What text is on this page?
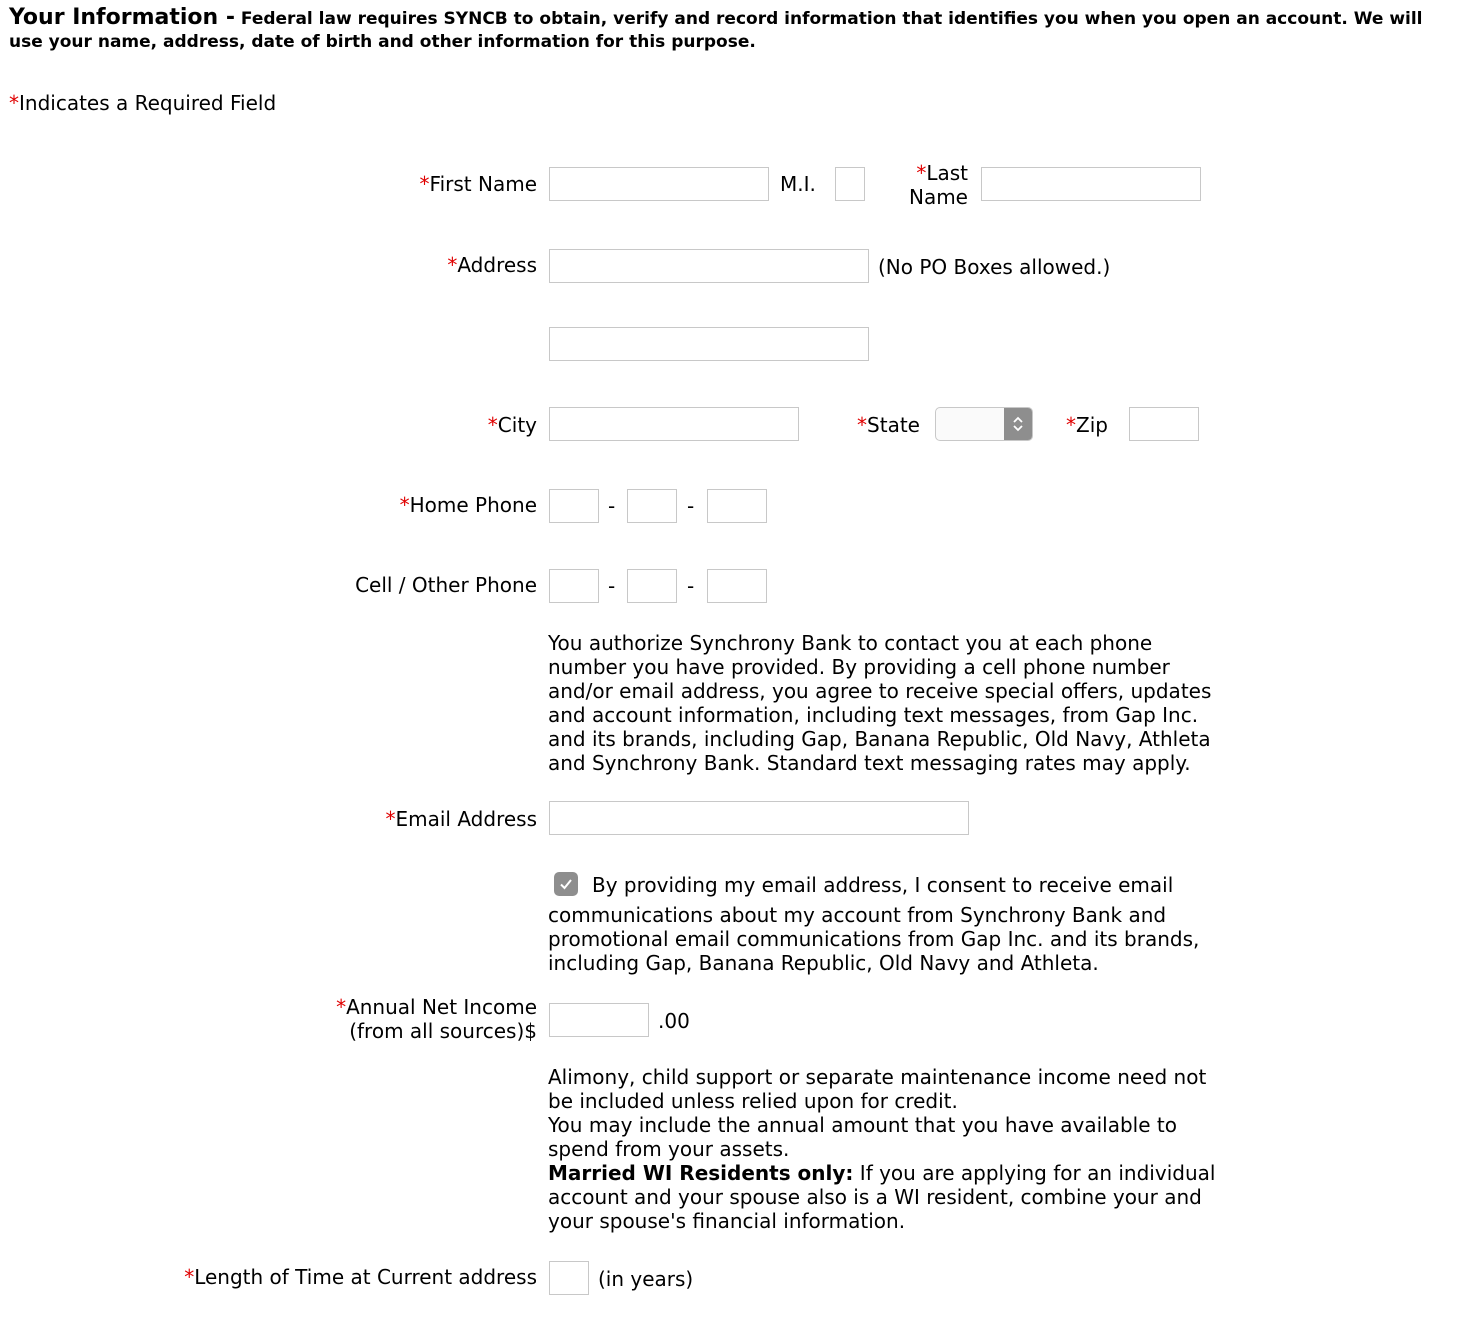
Your Information - Federal law requires SYNCB to obtain, verify and record information that identifies you when you open an account. We will use your name, address, date of birth and other information for this purpose.
*Indicates a Required Field
*First Name	M.I.	*Last
Name
*Address	(No PO Boxes allowed.)
*City	*State	*Zip
*Home Phone	-	-
Cell / Other Phone	-	-
You authorize Synchrony Bank to contact you at each phone number you have provided. By providing a cell phone number and/or email address, you agree to receive special offers, updates and account information, including text messages, from Gap Inc. and its brands, including Gap, Banana Republic, Old Navy, Athleta and Synchrony Bank. Standard text messaging rates may apply.
*Email Address
By providing my email address, I consent to receive email
communications about my account from Synchrony Bank and promotional email communications from Gap Inc. and its brands, including Gap, Banana Republic, Old Navy and Athleta.
*Annual Net Income
(from all sources)$	.00
Alimony, child support or separate maintenance income need not be included unless relied upon for credit.
You may include the annual amount that you have available to spend from your assets.
Married WI Residents only: If you are applying for an individual account and your spouse also is a WI resident, combine your and your spouse's financial information.
*Length of Time at Current address	(in years)
